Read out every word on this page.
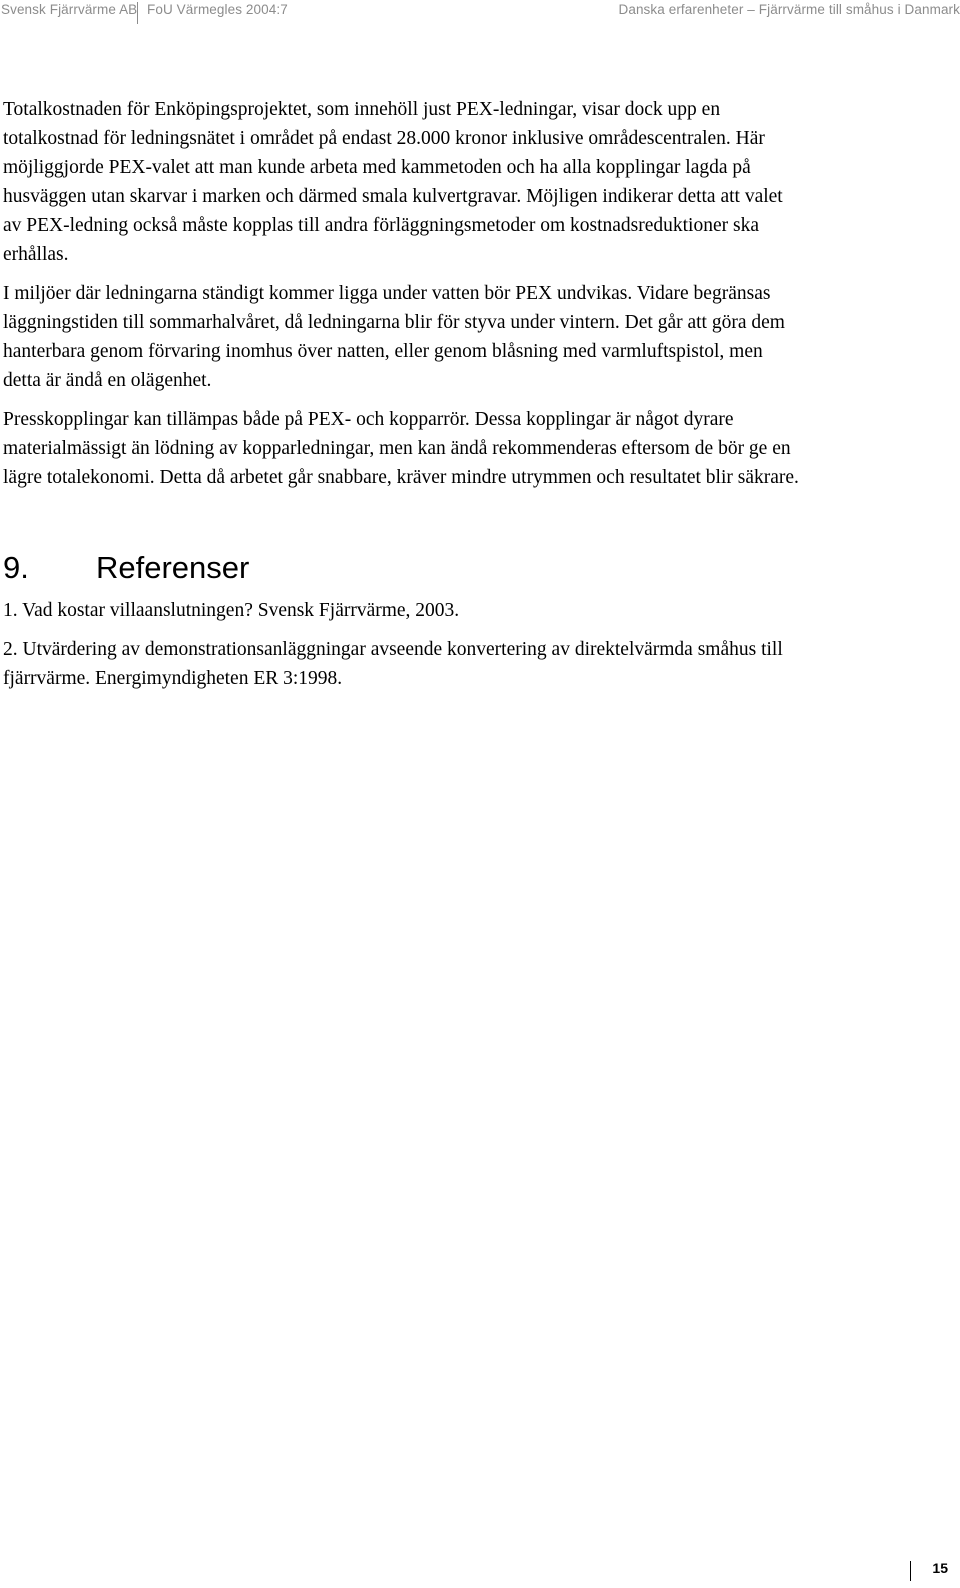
Svensk Fjärrvärme AB FoU Värmegles 2004:7	Danska erfarenheter – Fjärrvärme till småhus i Danmark

Totalkostnaden för Enköpingsprojektet, som innehöll just PEX-ledningar, visar dock upp en totalkostnad för ledningsnätet i området på endast 28.000 kronor inklusive områdescentralen. Här möjliggjorde PEX-valet att man kunde arbeta med kammetoden och ha alla kopplingar lagda på husväggen utan skarvar i marken och därmed smala kulvertgravar. Möjligen indikerar detta att valet av PEX-ledning också måste kopplas till andra förläggningsmetoder om kostnadsreduktioner ska erhållas.

I miljöer där ledningarna ständigt kommer ligga under vatten bör PEX undvikas. Vidare begränsas läggningstiden till sommarhalvåret, då ledningarna blir för styva under vintern. Det går att göra dem hanterbara genom förvaring inomhus över natten, eller genom blåsning med varmluftspistol, men detta är ändå en olägenhet.

Presskopplingar kan tillämpas både på PEX- och kopparrör. Dessa kopplingar är något dyrare materialmässigt än lödning av kopparledningar, men kan ändå rekommenderas eftersom de bör ge en lägre totalekonomi. Detta då arbetet går snabbare, kräver mindre utrymmen och resultatet blir säkrare.

9. Referenser

1. Vad kostar villaanslutningen? Svensk Fjärrvärme, 2003.

2. Utvärdering av demonstrationsanläggningar avseende konvertering av direktelvärmda småhus till fjärrvärme. Energimyndigheten ER 3:1998.

15
